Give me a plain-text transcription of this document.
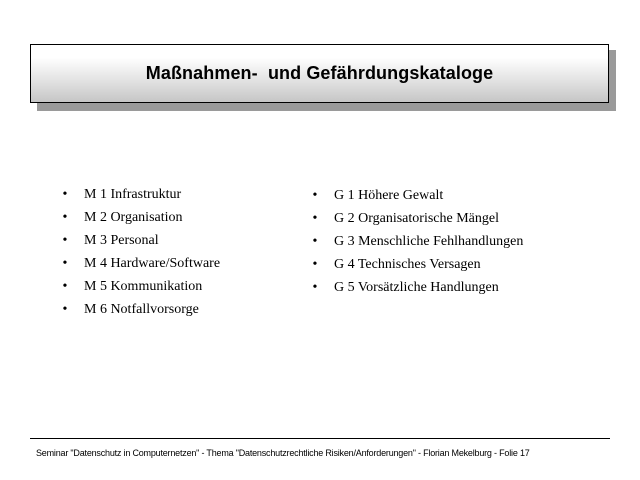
Maßnahmen-  und Gefährdungskataloge
• M 1 Infrastruktur
• M 2 Organisation
• M 3 Personal
• M 4 Hardware/Software
• M 5 Kommunikation
• M 6 Notfallvorsorge
• G 1 Höhere Gewalt
• G 2 Organisatorische Mängel
• G 3 Menschliche Fehlhandlungen
• G 4 Technisches Versagen
• G 5 Vorsätzliche Handlungen
Seminar "Datenschutz in Computernetzen" - Thema "Datenschutzrechtliche Risiken/Anforderungen" - Florian Mekelburg - Folie 17
